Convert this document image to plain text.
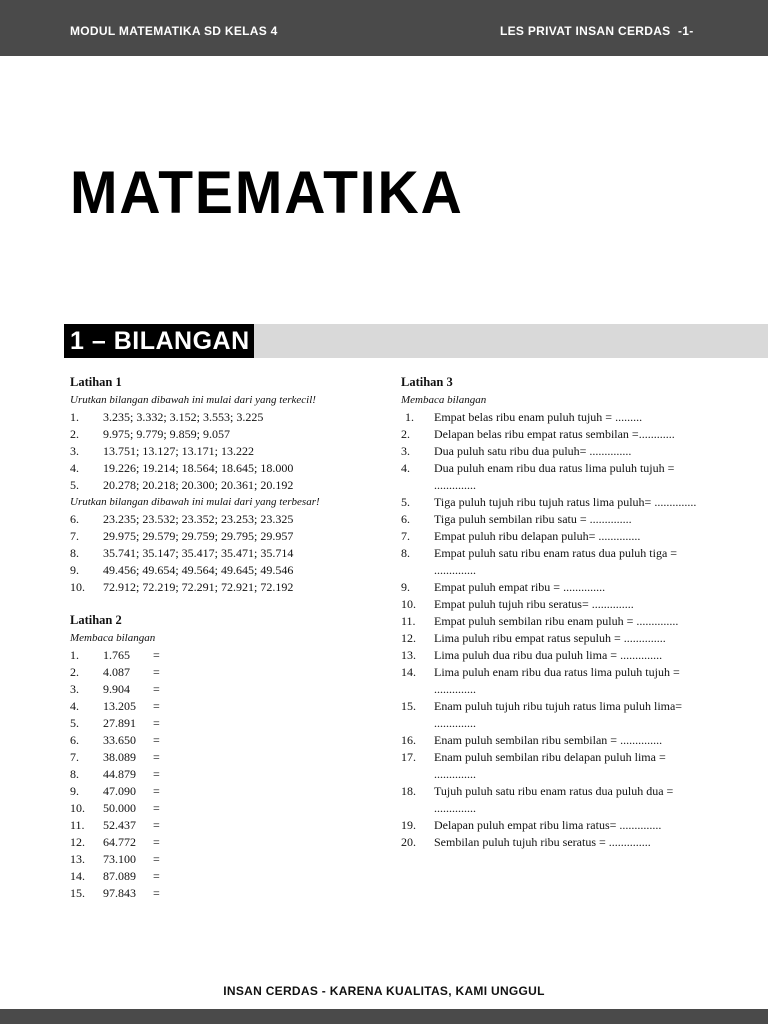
MODUL MATEMATIKA SD KELAS 4	LES PRIVAT INSAN CERDAS -1-
MATEMATIKA
1 – BILANGAN
Latihan 1
Urutkan bilangan dibawah ini mulai dari yang terkecil!
1.	3.235; 3.332; 3.152; 3.553; 3.225
2.	9.975; 9.779; 9.859; 9.057
3.	13.751; 13.127; 13.171; 13.222
4.	19.226; 19.214; 18.564; 18.645; 18.000
5.	20.278; 20.218; 20.300; 20.361; 20.192
Urutkan bilangan dibawah ini mulai dari yang terbesar!
6.	23.235; 23.532; 23.352; 23.253; 23.325
7.	29.975; 29.579; 29.759; 29.795; 29.957
8.	35.741; 35.147; 35.417; 35.471; 35.714
9.	49.456; 49.654; 49.564; 49.645; 49.546
10.	72.912; 72.219; 72.291; 72.921; 72.192
Latihan 2
Membaca bilangan
1.	1.765	=
2.	4.087	=
3.	9.904	=
4.	13.205	=
5.	27.891	=
6.	33.650	=
7.	38.089	=
8.	44.879	=
9.	47.090	=
10.	50.000	=
11.	52.437	=
12.	64.772	=
13.	73.100	=
14.	87.089	=
15.	97.843	=
Latihan 3
Membaca bilangan
1.	Empat belas ribu enam puluh tujuh = .........
2.	Delapan belas ribu empat ratus sembilan =............
3.	Dua puluh satu ribu dua puluh= ..............
4.	Dua puluh enam ribu dua ratus lima puluh tujuh = ..............
5.	Tiga puluh tujuh ribu tujuh ratus lima puluh= ..............
6.	Tiga puluh sembilan ribu satu = ..............
7.	Empat puluh ribu delapan puluh= ..............
8.	Empat puluh satu ribu enam ratus dua puluh tiga = ..............
9.	Empat puluh empat ribu = ..............
10.	Empat puluh tujuh ribu seratus= ..............
11.	Empat puluh sembilan ribu enam puluh = ..............
12.	Lima puluh ribu empat ratus sepuluh = ..............
13.	Lima puluh dua ribu dua puluh lima = ..............
14.	Lima puluh enam ribu dua ratus lima puluh tujuh = ..............
15.	Enam puluh tujuh ribu tujuh ratus lima puluh lima= ..............
16.	Enam puluh sembilan ribu sembilan = ..............
17.	Enam puluh sembilan ribu delapan puluh lima = ..............
18.	Tujuh puluh satu ribu enam ratus dua puluh dua = ..............
19.	Delapan puluh empat ribu lima ratus= ..............
20.	Sembilan puluh tujuh ribu seratus = ..............
INSAN CERDAS - KARENA KUALITAS, KAMI UNGGUL
